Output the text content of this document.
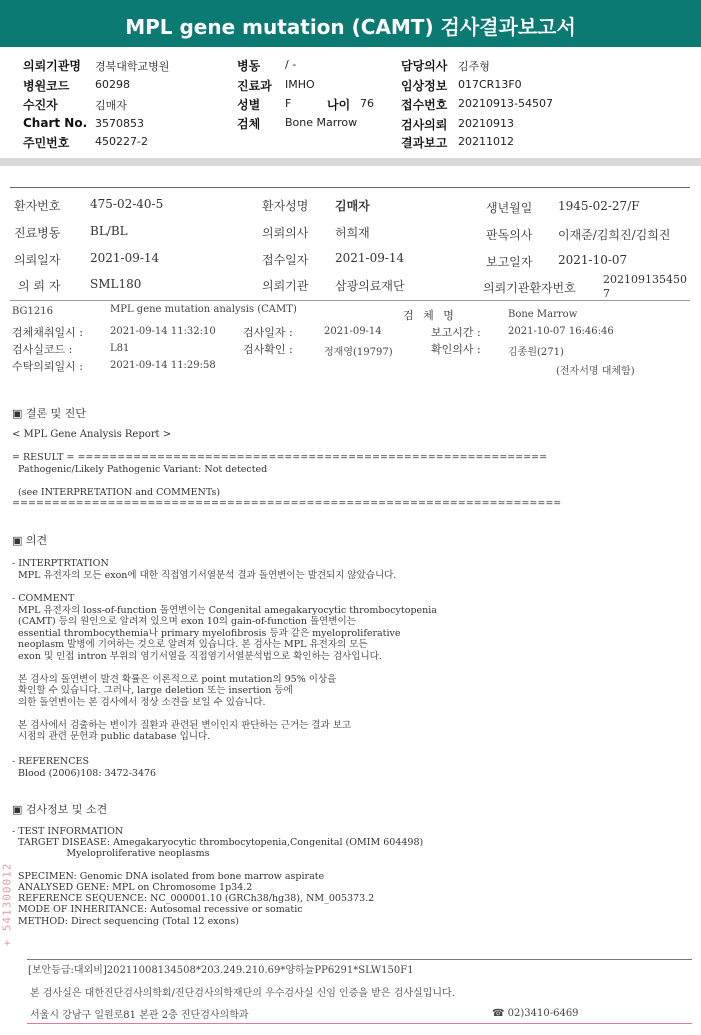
MPL gene mutation (CAMT) 검사결과보고서
의뢰기관명 경북대학교병원
병원코드 60298
수진자	김매자
Chart No. 3570853
주민번호 450227-2
병동 / -
진료과 IMHO
성별 F	나이 76
검체 Bone Marrow
담당의사 김주형
임상정보 017CR13F0
접수번호 20210913-54507
검사의뢰 20210913
결과보고 20211012
환자번호 475-02-40-5	환자성명 김매자	생년월일 1945-02-27/F
진료병동 BL/BL	의뢰의사 허희재	판독의사 이재준/김희진/김희진
의뢰일자 2021-09-14	접수일자 2021-09-14	보고일자 2021-10-07
의 뢰 자 SML180	의뢰기관 삼광의료재단	의뢰기관환자번호
202109135450
7
BG1216	MPL gene mutation analysis (CAMT)	검 체 명	Bone Marrow
검체채취일시 :	2021-09-14 11:32:10 검사일자 :	2021-09-14	보고시간 :	2021-10-07 16:46:46
검사실코드 :	L81	검사확인 :	정재영(19797)	확인의사 :	김종원(271)
수탁의뢰일시 :	2021-09-14 11:29:58
(전자서명 대체함)
▣ 결론 및 진단
< MPL Gene Analysis Report >
= RESULT = ===========================================================
Pathogenic/Likely Pathogenic Variant: Not detected

(see INTERPRETATION and COMMENTs)
=====================================================================
▣ 의견
- INTERPTRTATION
MPL 유전자의 모든 exon에 대한 직접염기서열분석 결과 돌연변이는 발견되지 않았습니다.
- COMMENT
MPL 유전자의 loss-of-function 돌연변이는 Congenital amegakaryocytic thrombocytopenia
(CAMT) 등의 원인으로 알려져 있으며 exon 10의 gain-of-function 돌연변이는
essential thrombocythemia나 primary myelofibrosis 등과 같은 myeloproliferative
neoplasm 발병에 기여하는 것으로 알려져 있습니다. 본 검사는 MPL 유전자의 모든
exon 및 인접 intron 부위의 염기서열을 직접염기서열분석법으로 확인하는 검사입니다.

본 검사의 돌연변이 발견 확률은 이론적으로 point mutation의 95% 이상을
확인할 수 있습니다. 그러나, large deletion 또는 insertion 등에
의한 돌연변이는 본 검사에서 정상 소견을 보일 수 있습니다.

본 검사에서 검출하는 변이가 질환과 관련된 변이인지 판단하는 근거는 결과 보고
시점의 관련 문헌과 public database 입니다.
- REFERENCES
Blood (2006)108: 3472-3476
▣ 검사정보 및 소견
- TEST INFORMATION
TARGET DISEASE: Amegakaryocytic thrombocytopenia,Congenital (OMIM 604498)
Myeloproliferative neoplasms

SPECIMEN: Genomic DNA isolated from bone marrow aspirate
ANALYSED GENE: MPL on Chromosome 1p34.2
REFERENCE SEQUENCE: NC_000001.10 (GRCh38/hg38), NM_005373.2
MODE OF INHERITANCE: Autosomal recessive or somatic
METHOD: Direct sequencing (Total 12 exons)
+ 541300012
[보안등급:대외비]20211008134508*203.249.210.69*양하늘PP6291*SLW150F1
본 검사실은 대한진단검사의학회/진단검사의학재단의 우수검사실 신임 인증을 받은 검사실입니다.
서울시 강남구 일원로81 본관 2층 진단검사의학과	☎ 02)3410-6469
